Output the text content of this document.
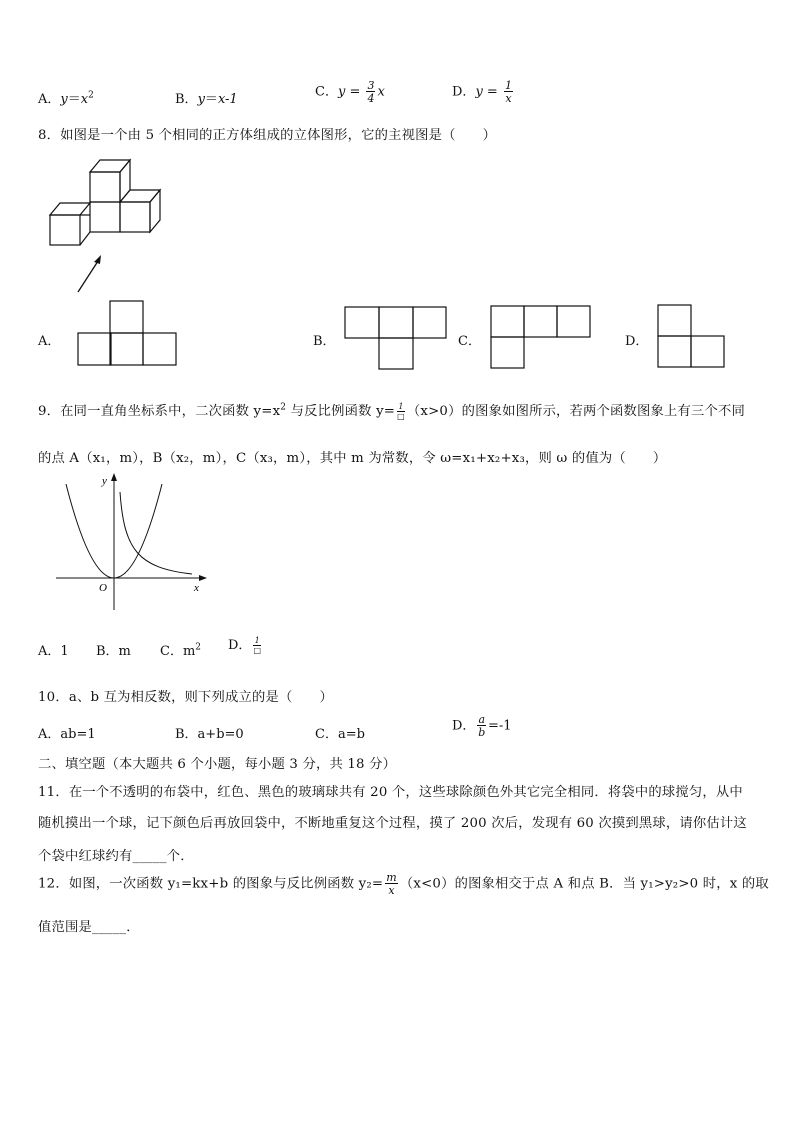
A．$y=x^2$	B．y＝x-1	C．$y = \frac{3}{4}$ x	D．$y = \frac{1}{x}$
8．如图是一个由 5 个相同的正方体组成的立体图形，它的主视图是（　　）
A．	B．	C．	D．
9．在同一直角坐标系中，二次函数 $y=x^2$ 与反比例函数 $y= \frac{1}{□} (x>0)$的图象如图所示，若两个函数图象上有三个不同
的点 A（x₁，m），B（x₂，m），C（x₃，m），其中 m 为常数，令 ω=x₁+x₂+x₃，则 ω 的值为（　　）
y
x
O
A．1 B．m C．$m^2$ D． $\frac{1}{□}$
10．a、b 互为相反数，则下列成立的是（　　）
A．ab=1	B．a+b=0	C．a=b
D． $\frac{a}{b} =-1$
二、填空题（本大题共 6 个小题，每小题 3 分，共 18 分）
11．在一个不透明的布袋中，红色、黑色的玻璃球共有 20 个，这些球除颜色外其它完全相同．将袋中的球搅匀，从中
随机摸出一个球，记下颜色后再放回袋中，不断地重复这个过程，摸了 200 次后，发现有 60 次摸到黑球，请你估计这
个袋中红球约有_____个．
12．如图，一次函数 y₁=kx+b 的图象与反比例函数 $y_2= \frac{m}{x} (x<0)$的图象相交于点 A 和点 B．当 y₁>y₂>0 时，x 的取
值范围是_____．
